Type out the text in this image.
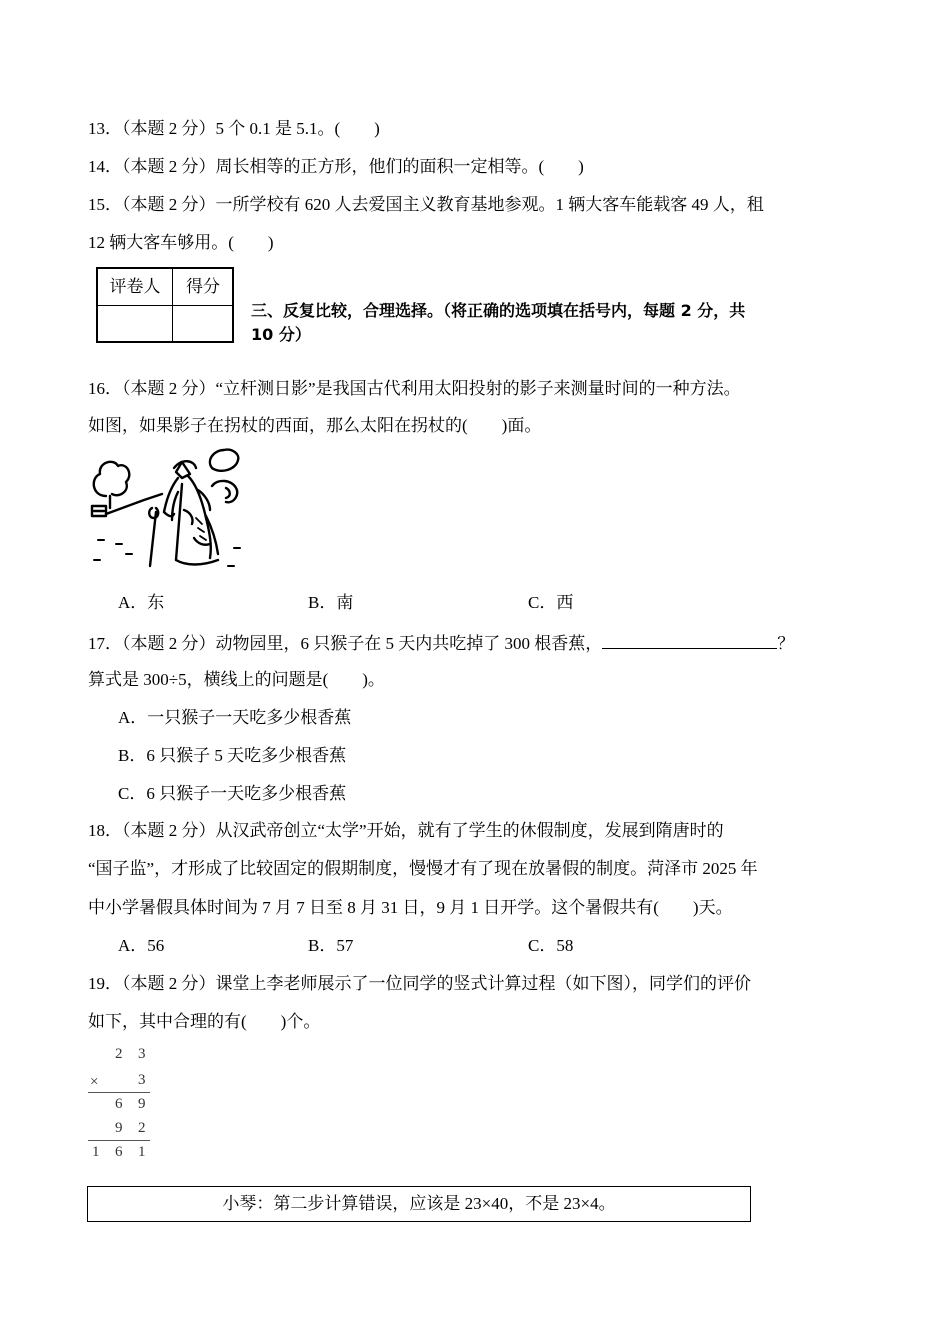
13．（本题 2 分）5 个 0.1 是 5.1。(　　)
14．（本题 2 分）周长相等的正方形，他们的面积一定相等。(　　)
15．（本题 2 分）一所学校有 620 人去爱国主义教育基地参观。1 辆大客车能载客 49 人，租
12 辆大客车够用。(　　)
评卷人	得分
三、反复比较，合理选择。（将正确的选项填在括号内，每题 2 分，共
10 分）
16．（本题 2 分）“立杆测日影”是我国古代利用太阳投射的影子来测量时间的一种方法。
如图，如果影子在拐杖的西面，那么太阳在拐杖的(　　)面。
A．东	B．南	C．西
17．（本题 2 分）动物园里，6 只猴子在 5 天内共吃掉了 300 根香蕉，	？
算式是 300÷5，横线上的问题是(　　)。
A．一只猴子一天吃多少根香蕉
B．6 只猴子 5 天吃多少根香蕉
C．6 只猴子一天吃多少根香蕉
18．（本题 2 分）从汉武帝创立“太学”开始，就有了学生的休假制度，发展到隋唐时的
“国子监”，才形成了比较固定的假期制度，慢慢才有了现在放暑假的制度。菏泽市 2025 年
中小学暑假具体时间为 7 月 7 日至 8 月 31 日，9 月 1 日开学。这个暑假共有(　　)天。
A．56	B．57	C．58
19．（本题 2 分）课堂上李老师展示了一位同学的竖式计算过程（如下图），同学们的评价
如下，其中合理的有(　　)个。
2 3
×	3
6 9
9 2
1 6 1
小琴：第二步计算错误，应该是 23×40，不是 23×4。
